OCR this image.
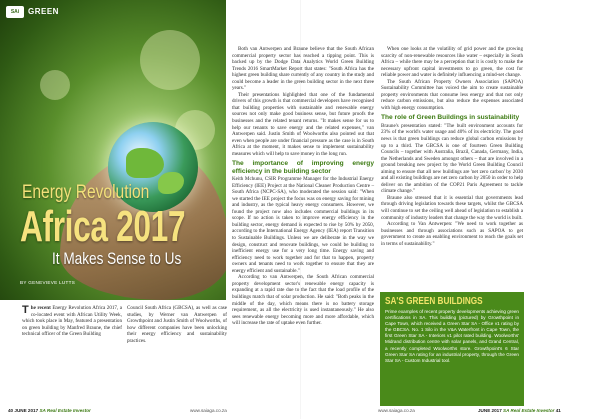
SAi	GREEN
Energy Revolution
Africa 2017
It Makes Sense to Us
BY GENEVIEVE LUTTS

The recent Energy Revolution Africa 2017, a co-located event with African Utility Week, which took place in May, featured a presentation on green building by Manfred Braune, the chief technical officer of the Green Building

Council South Africa (GBCSA), as well as case studies, by Werner van Antwerpen of Growthpoint and Justin Smith of Woolworths, of how different companies have been unlocking their energy efficiency and sustainability practices.

Both van Antwerpen and Braune believe that the South African commercial property sector has reached a tipping point. This is backed up by the Dodge Data Analytics World Green Building Trends 2016 SmartMarket Report that states: "South Africa has the highest green building share currently of any country in the study and could become a leader in the green building sector in the next three years."

Their presentations highlighted that one of the fundamental drivers of this growth is that commercial developers have recognised that building properties with sustainable and renewable energy sources not only make good business sense, but future proofs the businesses and the related tenant returns. "It makes sense for us to help our tenants to save energy and the related expenses," van Antwerpen said. Justin Smith of Woolworths also pointed out that even when people are under financial pressure as the case is in South Africa at the moment, it makes sense to implement sustainability measures which will help to save money in the long run.

The importance of improving energy efficiency in the building sector

Keith Mchunu, CSIR Programme Manager for the Industrial Energy Efficiency (IEE) Project at the National Cleaner Production Centre – South Africa (NCPC-SA), who moderated the session said: "When we started the IEE project the focus was on energy saving for mining and industry, as the typical heavy energy consumers. However, we found the project now also includes commercial buildings in its scope. If no action is taken to improve energy efficiency in the building sector, energy demand is expected to rise by 50% by 2050, according to the International Energy Agency (IEA) report Transition to Sustainable Buildings. Unless we are deliberate in the way we design, construct and renovate buildings, we could be building to inefficient energy use for a very long time. Energy saving and efficiency need to work together and for that to happen, property owners and tenants need to work together to ensure that they are energy efficient and sustainable."

According to van Antwerpen, the South African commercial property development sector's renewable energy capacity is expanding at a rapid rate due to the fact that the load profile of the buildings match that of solar production. He said: "Both peaks in the middle of the day, which means there is no battery storage requirement, as all the electricity is used instantaneously." He also sees renewable energy becoming more and more affordable, which will increase the rate of uptake even further.

When one looks at the volatility of grid power and the growing scarcity of non-renewable resources like water – especially in South Africa – while there may be a perception that it is costly to make the necessary upfront capital investments to go green, the cost for reliable power and water is definitely influencing a mind-set change.

The South African Property Owners Association (SAPOA) Sustainability Committee has voiced the aim to create sustainable property environments that consume less energy and that not only reduce carbon emissions, but also reduce the expenses associated with high energy consumption.

The role of Green Buildings in sustainability

Braune's presentation stated: "The built environment accounts for 23% of the world's water usage and 40% of its electricity. The good news is that green buildings can reduce global carbon emissions by up to a third. The GBCSA is one of fourteen Green Building Councils – together with Australia, Brazil, Canada, Germany, India, the Netherlands and Sweden amongst others – that are involved in a ground breaking new project by the World Green Building Council aiming to ensure that all new buildings are 'net zero carbon' by 2030 and all existing buildings are net zero carbon by 2050 in order to help deliver on the ambition of the COP21 Paris Agreement to tackle climate change."

Braune also stressed that it is essential that governments lead through driving legislation towards these targets, whilst the GBCSA will continue to set the ceiling well ahead of legislation to establish a community of industry leaders that change the way the world is built.

According to Van Antwerpen: "We need to work together as businesses and through associations such as SAPOA to get government to create an enabling environment to reach the goals set in terms of sustainability."

SA'S GREEN BUILDINGS

Prime examples of recent property developments achieving green certifications in SA. This building (pictured) by Growthpoint in Cape Town, which received a Green Star SA - Office v1 rating by the GBCSA. No. 1 Silo in the V&A Waterfront in Cape Town, the first Green Star SA - Interiors v1 pilot rated building. Woolworths' Midrand distribution centre with solar panels, and Grand Central, a recently completed Woolworths store. Growthpoint's 6 Star Green Star SA rating for an industrial property, through the Green Star SA - Custom Industrial tool.

40 JUNE 2017 SA Real Estate Investor	www.saiaga.co.za	www.saiaga.co.za	JUNE 2017 SA Real Estate Investor 41
